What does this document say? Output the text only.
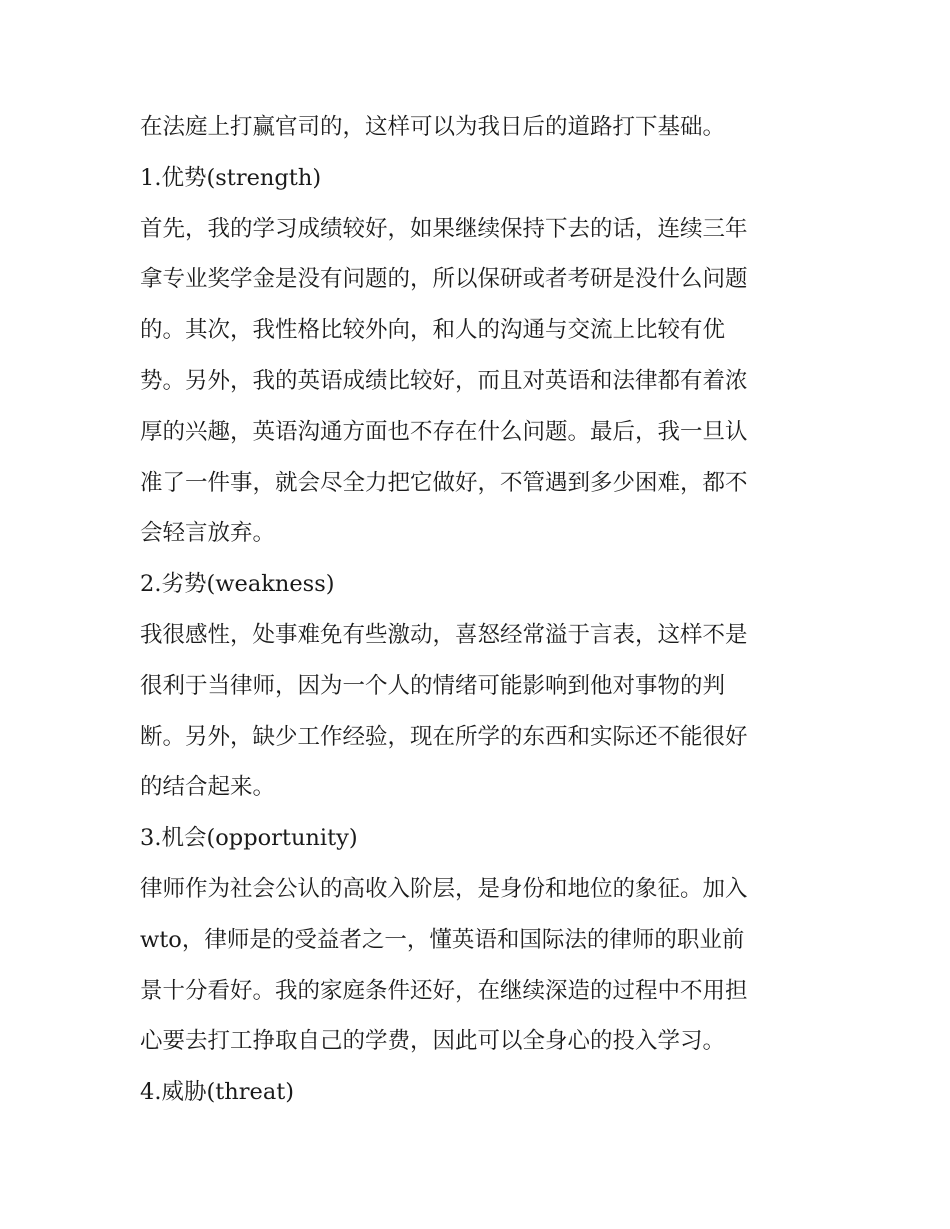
在法庭上打赢官司的，这样可以为我日后的道路打下基础。
1.优势(strength)
首先，我的学习成绩较好，如果继续保持下去的话，连续三年
拿专业奖学金是没有问题的，所以保研或者考研是没什么问题
的。其次，我性格比较外向，和人的沟通与交流上比较有优
势。另外，我的英语成绩比较好，而且对英语和法律都有着浓
厚的兴趣，英语沟通方面也不存在什么问题。最后，我一旦认
准了一件事，就会尽全力把它做好，不管遇到多少困难，都不
会轻言放弃。
2.劣势(weakness)
我很感性，处事难免有些激动，喜怒经常溢于言表，这样不是
很利于当律师，因为一个人的情绪可能影响到他对事物的判
断。另外，缺少工作经验，现在所学的东西和实际还不能很好
的结合起来。
3.机会(opportunity)
律师作为社会公认的高收入阶层，是身份和地位的象征。加入
wto，律师是的受益者之一，懂英语和国际法的律师的职业前
景十分看好。我的家庭条件还好，在继续深造的过程中不用担
心要去打工挣取自己的学费，因此可以全身心的投入学习。
4.威胁(threat)
